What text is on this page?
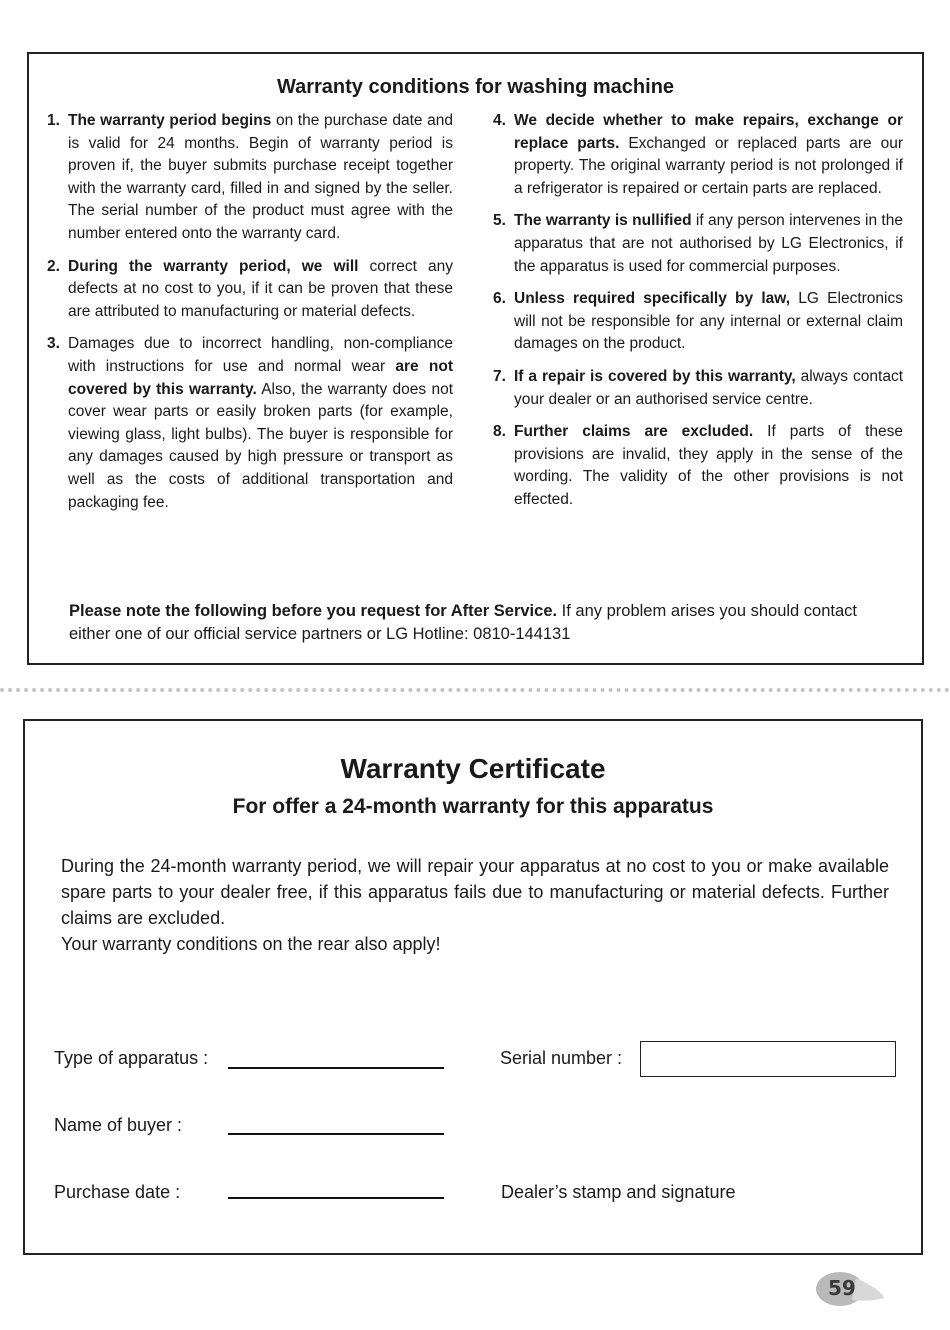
Warranty conditions for washing machine
1. The warranty period begins on the purchase date and is valid for 24 months. Begin of warranty period is proven if, the buyer submits purchase receipt together with the warranty card, filled in and signed by the seller. The serial number of the product must agree with the number entered onto the warranty card.
2. During the warranty period, we will correct any defects at no cost to you, if it can be proven that these are attributed to manufacturing or material defects.
3. Damages due to incorrect handling, non-compliance with instructions for use and normal wear are not covered by this warranty. Also, the warranty does not cover wear parts or easily broken parts (for example, viewing glass, light bulbs). The buyer is responsible for any damages caused by high pressure or transport as well as the costs of additional transportation and packaging fee.
4. We decide whether to make repairs, exchange or replace parts. Exchanged or replaced parts are our property. The original warranty period is not prolonged if a refrigerator is repaired or certain parts are replaced.
5. The warranty is nullified if any person intervenes in the apparatus that are not authorised by LG Electronics, if the apparatus is used for commercial purposes.
6. Unless required specifically by law, LG Electronics will not be responsible for any internal or external claim damages on the product.
7. If a repair is covered by this warranty, always contact your dealer or an authorised service centre.
8. Further claims are excluded. If parts of these provisions are invalid, they apply in the sense of the wording. The validity of the other provisions is not effected.
Please note the following before you request for After Service. If any problem arises you should contact either one of our official service partners or LG Hotline: 0810-144131
Warranty Certificate
For offer a 24-month warranty for this apparatus

During the 24-month warranty period, we will repair your apparatus at no cost to you or make available spare parts to your dealer free, if this apparatus fails due to manufacturing or material defects. Further claims are excluded.

Your warranty conditions on the rear also apply!

Type of apparatus :	Serial number :
Name of buyer :
Purchase date :	Dealer’s stamp and signature
59
